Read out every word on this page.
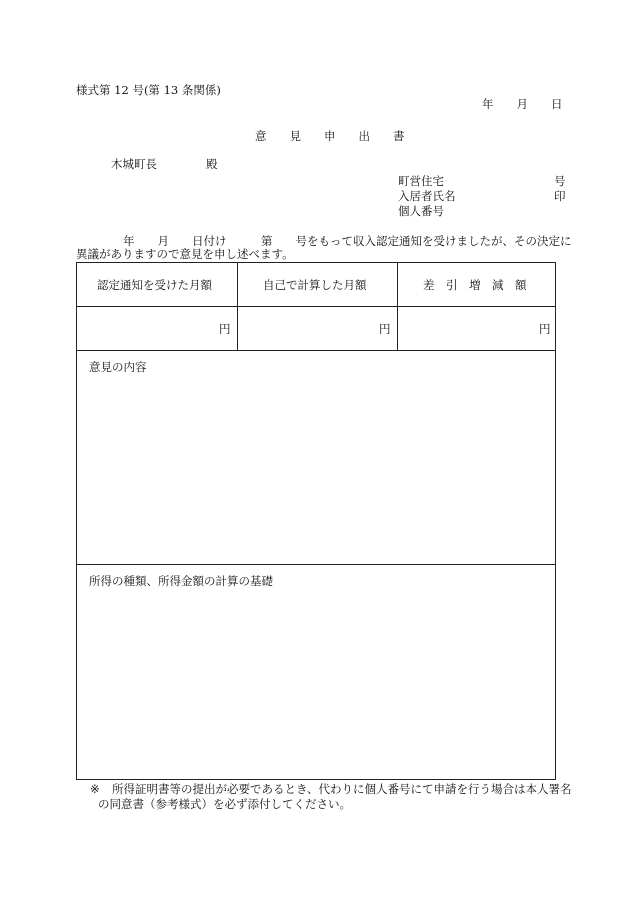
様式第 12 号(第 13 条関係)
年　　月　　日
意　　見　　申　　出　　書
木城町長	殿
町営住宅	号
入居者氏名	印
個人番号
年　　月　　日付け　　　第　　号をもって収入認定通知を受けましたが、その決定に
異議がありますので意見を申し述べます。
認定通知を受けた月額	自己で計算した月額	差　引　増　減　額
円	円	円
意見の内容
所得の種類、所得金額の計算の基礎
※ 所得証明書等の提出が必要であるとき、代わりに個人番号にて申請を行う場合は本人署名
の同意書（参考様式）を必ず添付してください。
